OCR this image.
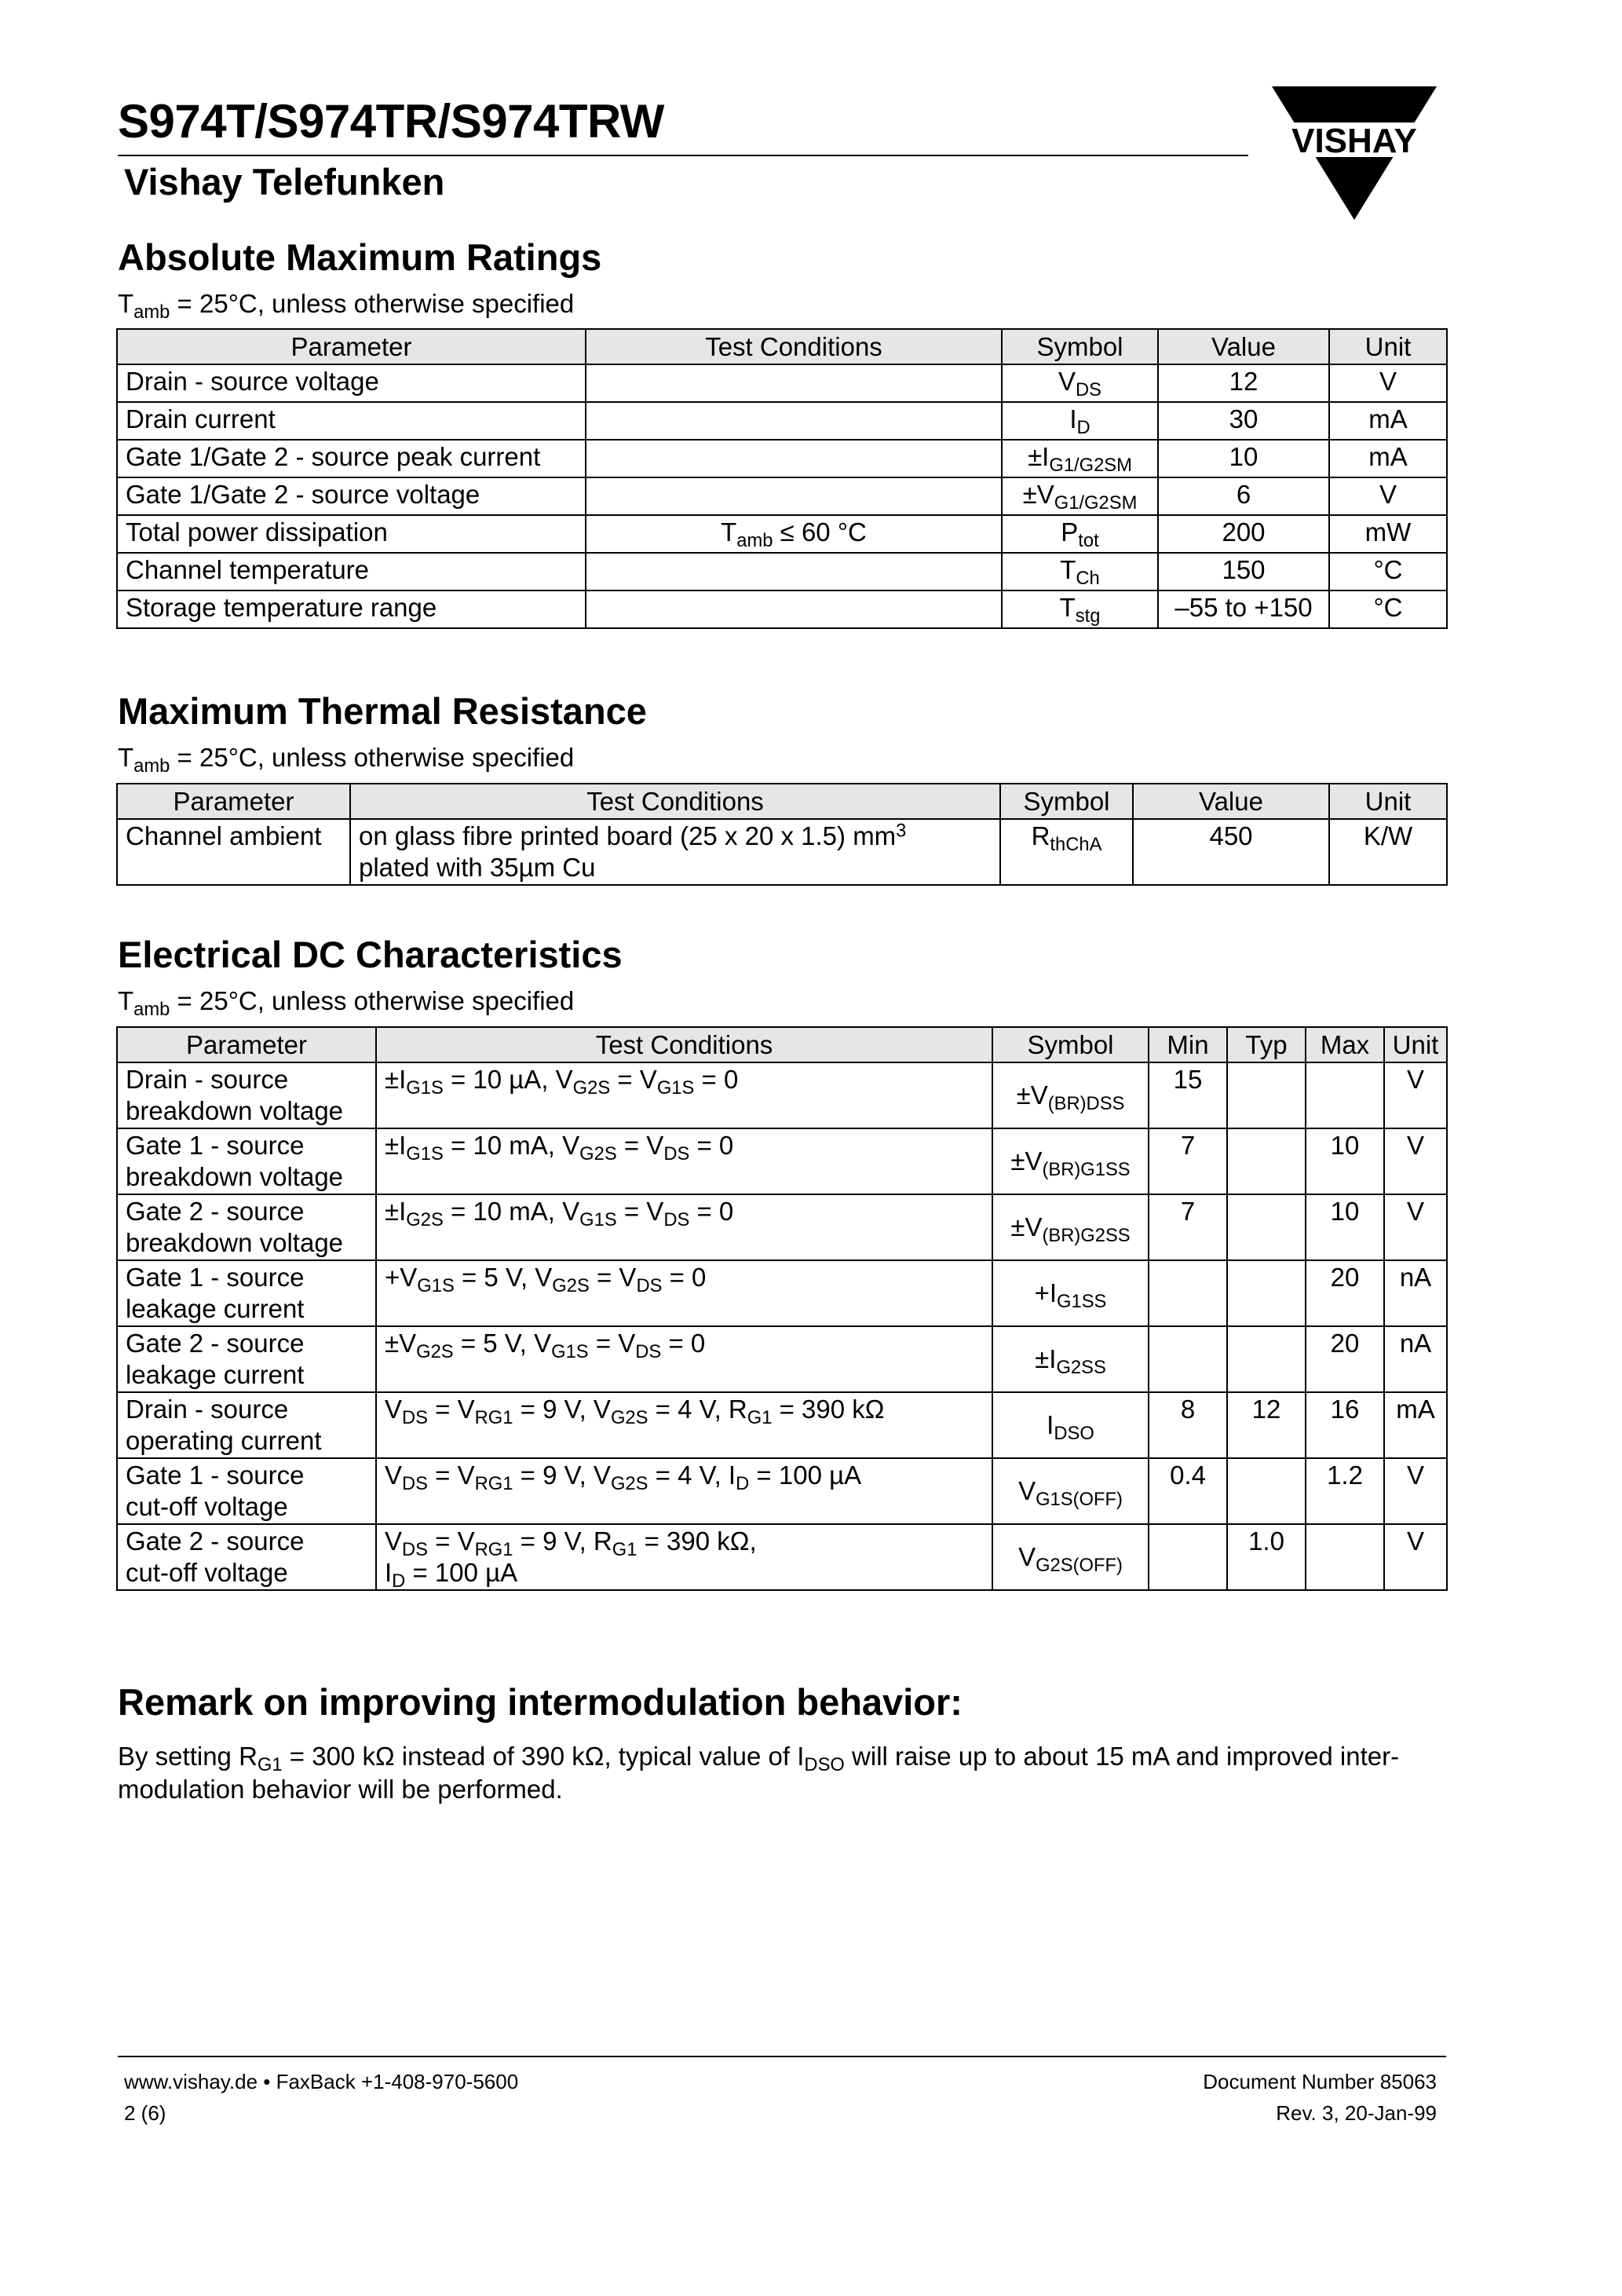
S974T/S974TR/S974TRW
Vishay Telefunken
VISHAY
Absolute Maximum Ratings
$T_{amb} = 25^\circ C$, unless otherwise specified
Parameter	Test Conditions	Symbol	Value	Unit
Drain - source voltage		$V_{DS}$	12	V
Drain current		$I_D$	30	mA
Gate 1/Gate 2 - source peak current		$\pm I_{G1/G2SM}$	10	mA
Gate 1/Gate 2 - source voltage		$\pm V_{G1/G2SM}$	6	V
Total power dissipation	$T_{amb} \le 60$ °C	$P_{tot}$	200	mW
Channel temperature		$T_{Ch}$	150	°C
Storage temperature range		$T_{stg}$	–55 to +150	°C
Maximum Thermal Resistance
$T_{amb} = 25^\circ C$, unless otherwise specified
Parameter	Test Conditions	Symbol	Value	Unit
Channel ambient	on glass fibre printed board (25 x 20 x 1.5) $mm^3$
plated with 35µm Cu	$R_{thChA}$	450	K/W
Electrical DC Characteristics
$T_{amb} = 25^\circ C$, unless otherwise specified
Parameter	Test Conditions	Symbol	Min	Typ	Max	Unit
Drain - source
breakdown voltage	$\pm I_{G1S} = 10$ µA, $V_{G2S} = V_{G1S} = 0$	$\pm V_{(BR)DSS}$	15			V
Gate 1 - source
breakdown voltage	$\pm I_{G1S} = 10$ mA, $V_{G2S} = V_{DS} = 0$	$\pm V_{(BR)G1SS}$	7		10	V
Gate 2 - source
breakdown voltage	$\pm I_{G2S} = 10$ mA, $V_{G1S} = V_{DS} = 0$	$\pm V_{(BR)G2SS}$	7		10	V
Gate 1 - source
leakage current	$+V_{G1S} = 5$ V, $V_{G2S} = V_{DS} = 0$	$+I_{G1SS}$			20	nA
Gate 2 - source
leakage current	$\pm V_{G2S} = 5$ V, $V_{G1S} = V_{DS} = 0$	$\pm I_{G2SS}$			20	nA
Drain - source
operating current	$V_{DS} = V_{RG1} = 9$ V, $V_{G2S} = 4$ V, $R_{G1} = 390$ kΩ	$I_{DSO}$	8	12	16	mA
Gate 1 - source
cut-off voltage	$V_{DS} = V_{RG1} = 9$ V, $V_{G2S} = 4$ V, $I_D = 100$ µA	$V_{G1S(OFF)}$	0.4		1.2	V
Gate 2 - source
cut-off voltage	$V_{DS} = V_{RG1} = 9$ V, $R_{G1} = 390$ kΩ,
$I_D = 100$ µA	$V_{G2S(OFF)}$		1.0		V
Remark on improving intermodulation behavior:
By setting $R_{G1} = 300$ kΩ instead of 390 kΩ, typical value of $I_{DSO}$ will raise up to about 15 mA and improved inter-modulation behavior will be performed.
www.vishay.de • FaxBack +1-408-970-5600
2 (6)
Document Number 85063
Rev. 3, 20-Jan-99
